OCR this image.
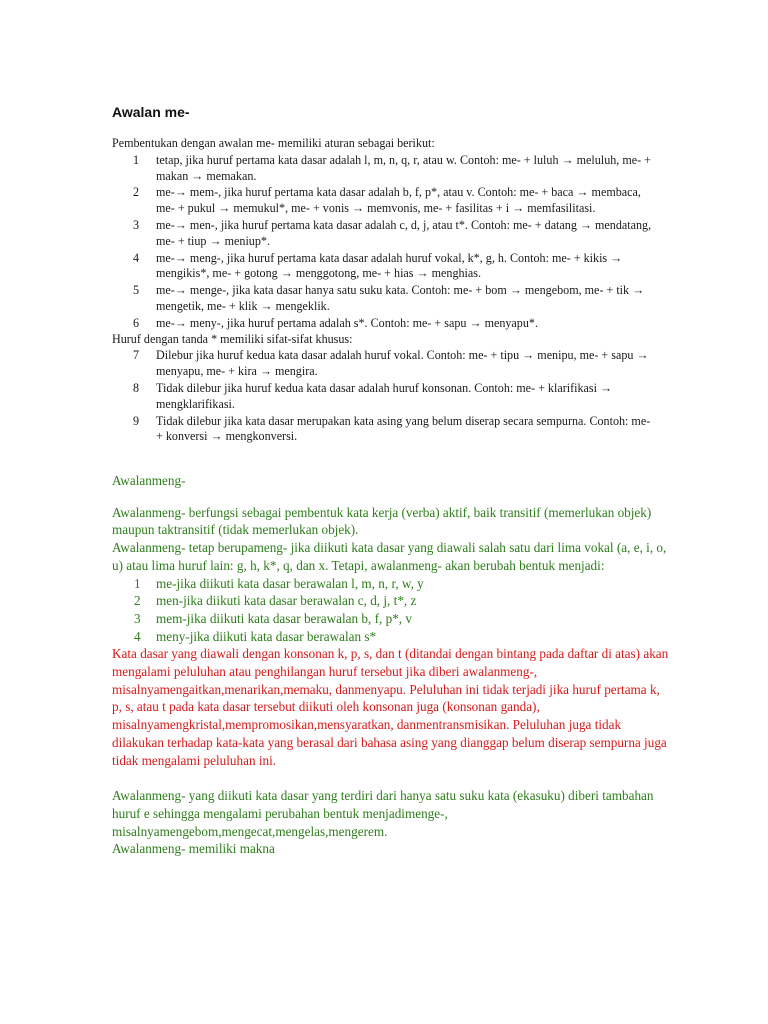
Awalan me-

Pembentukan dengan awalan me- memiliki aturan sebagai berikut:

1 tetap, jika huruf pertama kata dasar adalah l, m, n, q, r, atau w. Contoh: me- + luluh → meluluh, me- + makan → memakan.
2 me-→ mem-, jika huruf pertama kata dasar adalah b, f, p*, atau v. Contoh: me- + baca → membaca, me- + pukul → memukul*, me- + vonis → memvonis, me- + fasilitas + i → memfasilitasi.
3 me-→ men-, jika huruf pertama kata dasar adalah c, d, j, atau t*. Contoh: me- + datang → mendatang, me- + tiup → meniup*.
4 me-→ meng-, jika huruf pertama kata dasar adalah huruf vokal, k*, g, h. Contoh: me- + kikis → mengikis*, me- + gotong → menggotong, me- + hias → menghias.
5 me-→ menge-, jika kata dasar hanya satu suku kata. Contoh: me- + bom → mengebom, me- + tik → mengetik, me- + klik → mengeklik.
6 me-→ meny-, jika huruf pertama adalah s*. Contoh: me- + sapu → menyapu*.

Huruf dengan tanda * memiliki sifat-sifat khusus:

7 Dilebur jika huruf kedua kata dasar adalah huruf vokal. Contoh: me- + tipu → menipu, me- + sapu → menyapu, me- + kira → mengira.
8 Tidak dilebur jika huruf kedua kata dasar adalah huruf konsonan. Contoh: me- + klarifikasi → mengklarifikasi.
9 Tidak dilebur jika kata dasar merupakan kata asing yang belum diserap secara sempurna. Contoh: me- + konversi → mengkonversi.

Awalanmeng-

Awalanmeng- berfungsi sebagai pembentuk kata kerja (verba) aktif, baik transitif (memerlukan objek) maupun taktransitif (tidak memerlukan objek).

Awalanmeng- tetap berupameng- jika diikuti kata dasar yang diawali salah satu dari lima vokal (a, e, i, o, u) atau lima huruf lain: g, h, k*, q, dan x. Tetapi, awalanmeng- akan berubah bentuk menjadi:

1 me-jika diikuti kata dasar berawalan l, m, n, r, w, y
2 men-jika diikuti kata dasar berawalan c, d, j, t*, z
3 mem-jika diikuti kata dasar berawalan b, f, p*, v
4 meny-jika diikuti kata dasar berawalan s*

Kata dasar yang diawali dengan konsonan k, p, s, dan t (ditandai dengan bintang pada daftar di atas) akan mengalami peluluhan atau penghilangan huruf tersebut jika diberi awalanmeng-, misalnyamengaitkan,menarikan,memaku, danmenyapu. Peluluhan ini tidak terjadi jika huruf pertama k, p, s, atau t pada kata dasar tersebut diikuti oleh konsonan juga (konsonan ganda), misalnyamengkristal,mempromosikan,mensyaratkan, danmentransmisikan. Peluluhan juga tidak dilakukan terhadap kata-kata yang berasal dari bahasa asing yang dianggap belum diserap sempurna juga tidak mengalami peluluhan ini.

Awalanmeng- yang diikuti kata dasar yang terdiri dari hanya satu suku kata (ekasuku) diberi tambahan huruf e sehingga mengalami perubahan bentuk menjadimenge-, misalnyamengebom,mengecat,mengelas,mengerem.

Awalanmeng- memiliki makna
